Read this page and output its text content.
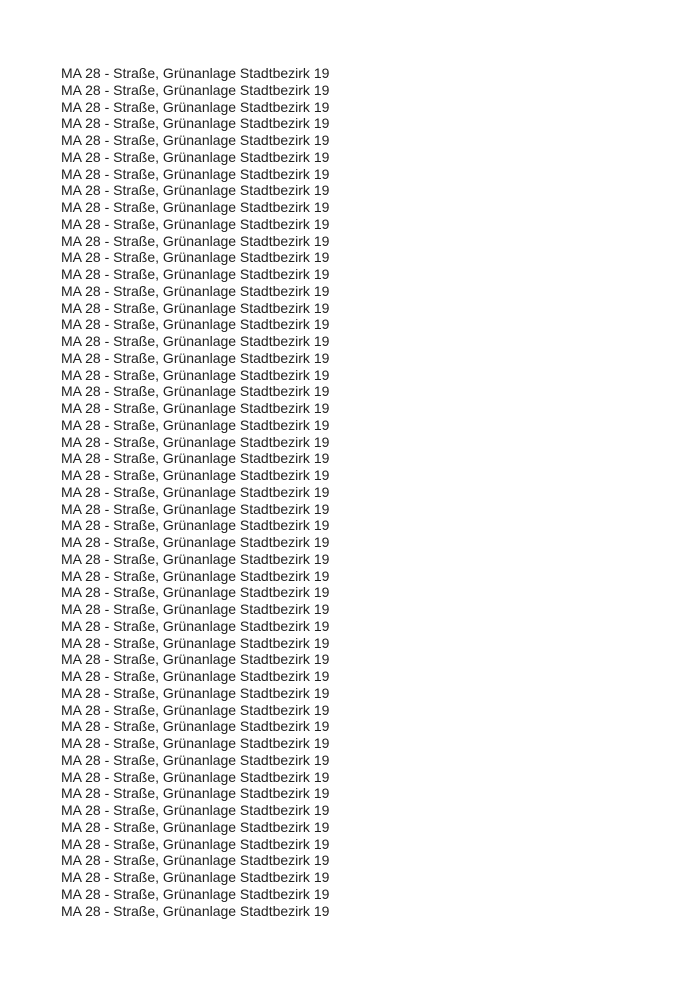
MA 28 - Straße, Grünanlage Stadtbezirk 19
MA 28 - Straße, Grünanlage Stadtbezirk 19
MA 28 - Straße, Grünanlage Stadtbezirk 19
MA 28 - Straße, Grünanlage Stadtbezirk 19
MA 28 - Straße, Grünanlage Stadtbezirk 19
MA 28 - Straße, Grünanlage Stadtbezirk 19
MA 28 - Straße, Grünanlage Stadtbezirk 19
MA 28 - Straße, Grünanlage Stadtbezirk 19
MA 28 - Straße, Grünanlage Stadtbezirk 19
MA 28 - Straße, Grünanlage Stadtbezirk 19
MA 28 - Straße, Grünanlage Stadtbezirk 19
MA 28 - Straße, Grünanlage Stadtbezirk 19
MA 28 - Straße, Grünanlage Stadtbezirk 19
MA 28 - Straße, Grünanlage Stadtbezirk 19
MA 28 - Straße, Grünanlage Stadtbezirk 19
MA 28 - Straße, Grünanlage Stadtbezirk 19
MA 28 - Straße, Grünanlage Stadtbezirk 19
MA 28 - Straße, Grünanlage Stadtbezirk 19
MA 28 - Straße, Grünanlage Stadtbezirk 19
MA 28 - Straße, Grünanlage Stadtbezirk 19
MA 28 - Straße, Grünanlage Stadtbezirk 19
MA 28 - Straße, Grünanlage Stadtbezirk 19
MA 28 - Straße, Grünanlage Stadtbezirk 19
MA 28 - Straße, Grünanlage Stadtbezirk 19
MA 28 - Straße, Grünanlage Stadtbezirk 19
MA 28 - Straße, Grünanlage Stadtbezirk 19
MA 28 - Straße, Grünanlage Stadtbezirk 19
MA 28 - Straße, Grünanlage Stadtbezirk 19
MA 28 - Straße, Grünanlage Stadtbezirk 19
MA 28 - Straße, Grünanlage Stadtbezirk 19
MA 28 - Straße, Grünanlage Stadtbezirk 19
MA 28 - Straße, Grünanlage Stadtbezirk 19
MA 28 - Straße, Grünanlage Stadtbezirk 19
MA 28 - Straße, Grünanlage Stadtbezirk 19
MA 28 - Straße, Grünanlage Stadtbezirk 19
MA 28 - Straße, Grünanlage Stadtbezirk 19
MA 28 - Straße, Grünanlage Stadtbezirk 19
MA 28 - Straße, Grünanlage Stadtbezirk 19
MA 28 - Straße, Grünanlage Stadtbezirk 19
MA 28 - Straße, Grünanlage Stadtbezirk 19
MA 28 - Straße, Grünanlage Stadtbezirk 19
MA 28 - Straße, Grünanlage Stadtbezirk 19
MA 28 - Straße, Grünanlage Stadtbezirk 19
MA 28 - Straße, Grünanlage Stadtbezirk 19
MA 28 - Straße, Grünanlage Stadtbezirk 19
MA 28 - Straße, Grünanlage Stadtbezirk 19
MA 28 - Straße, Grünanlage Stadtbezirk 19
MA 28 - Straße, Grünanlage Stadtbezirk 19
MA 28 - Straße, Grünanlage Stadtbezirk 19
MA 28 - Straße, Grünanlage Stadtbezirk 19
MA 28 - Straße, Grünanlage Stadtbezirk 19
